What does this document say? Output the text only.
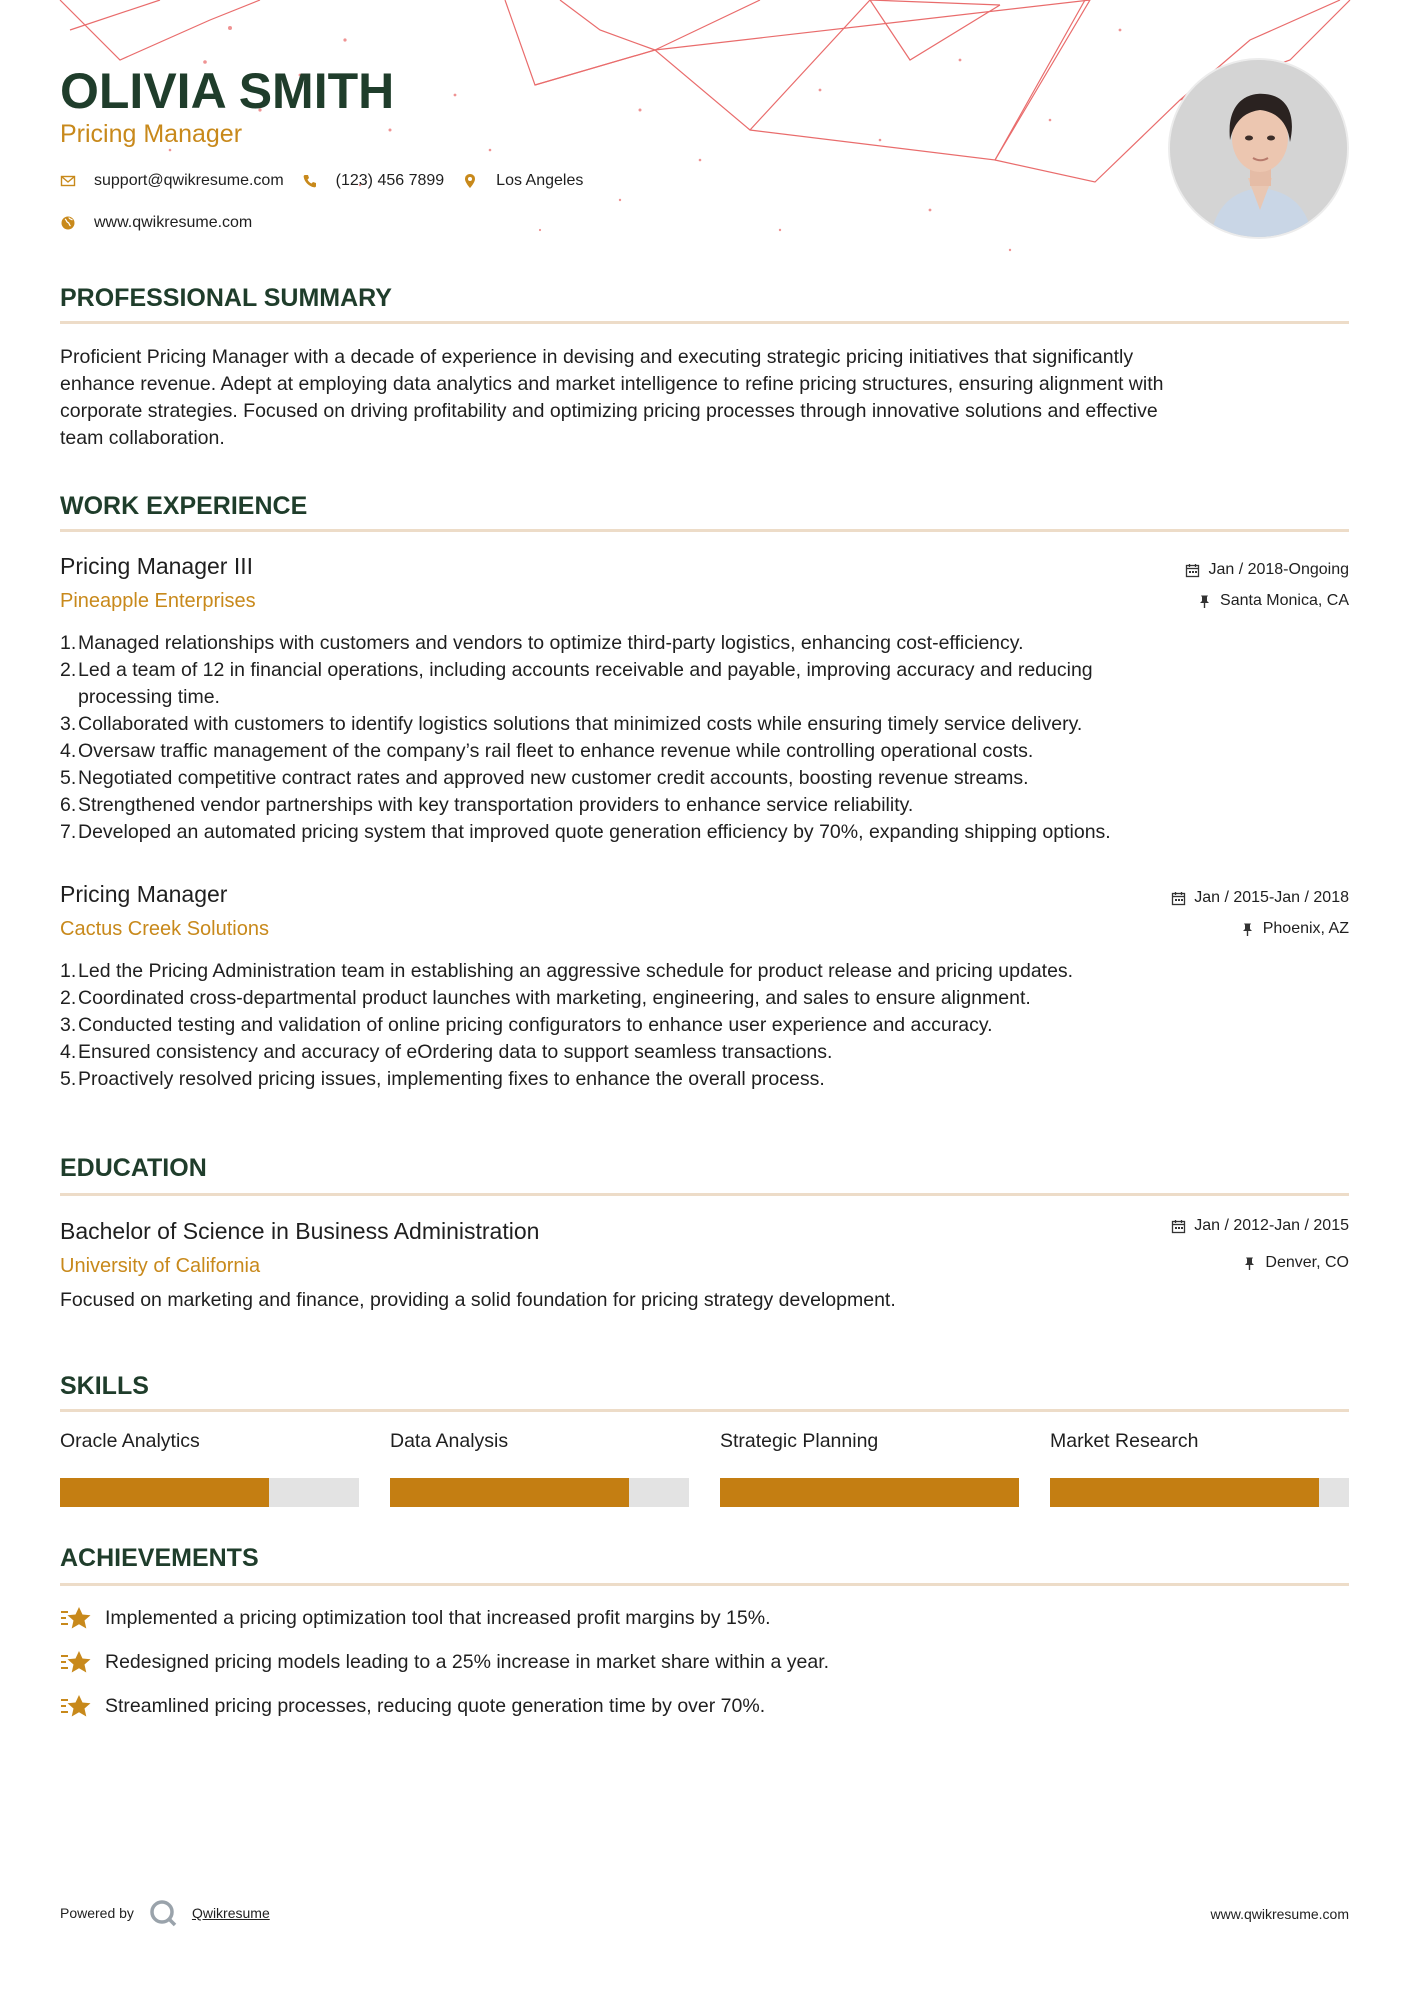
OLIVIA SMITH
Pricing Manager
support@qwikresume.com	(123) 456 7899	Los Angeles
www.qwikresume.com
PROFESSIONAL SUMMARY
Proficient Pricing Manager with a decade of experience in devising and executing strategic pricing initiatives that significantly
enhance revenue. Adept at employing data analytics and market intelligence to refine pricing structures, ensuring alignment with
corporate strategies. Focused on driving profitability and optimizing pricing processes through innovative solutions and effective
team collaboration.
WORK EXPERIENCE
Pricing Manager III
Pineapple Enterprises
Jan / 2018-Ongoing
Santa Monica, CA
1. Managed relationships with customers and vendors to optimize third-party logistics, enhancing cost-efficiency.
2. Led a team of 12 in financial operations, including accounts receivable and payable, improving accuracy and reducing
processing time.
3. Collaborated with customers to identify logistics solutions that minimized costs while ensuring timely service delivery.
4. Oversaw traffic management of the company’s rail fleet to enhance revenue while controlling operational costs.
5. Negotiated competitive contract rates and approved new customer credit accounts, boosting revenue streams.
6. Strengthened vendor partnerships with key transportation providers to enhance service reliability.
7. Developed an automated pricing system that improved quote generation efficiency by 70%, expanding shipping options.
Pricing Manager
Cactus Creek Solutions
Jan / 2015-Jan / 2018
Phoenix, AZ
1. Led the Pricing Administration team in establishing an aggressive schedule for product release and pricing updates.
2. Coordinated cross-departmental product launches with marketing, engineering, and sales to ensure alignment.
3. Conducted testing and validation of online pricing configurators to enhance user experience and accuracy.
4. Ensured consistency and accuracy of eOrdering data to support seamless transactions.
5. Proactively resolved pricing issues, implementing fixes to enhance the overall process.
EDUCATION
Bachelor of Science in Business Administration
University of California
Jan / 2012-Jan / 2015
Denver, CO
Focused on marketing and finance, providing a solid foundation for pricing strategy development.
SKILLS
Oracle Analytics	Data Analysis	Strategic Planning	Market Research
ACHIEVEMENTS
Implemented a pricing optimization tool that increased profit margins by 15%.
Redesigned pricing models leading to a 25% increase in market share within a year.
Streamlined pricing processes, reducing quote generation time by over 70%.
Powered by	Qwikresume	www.qwikresume.com
